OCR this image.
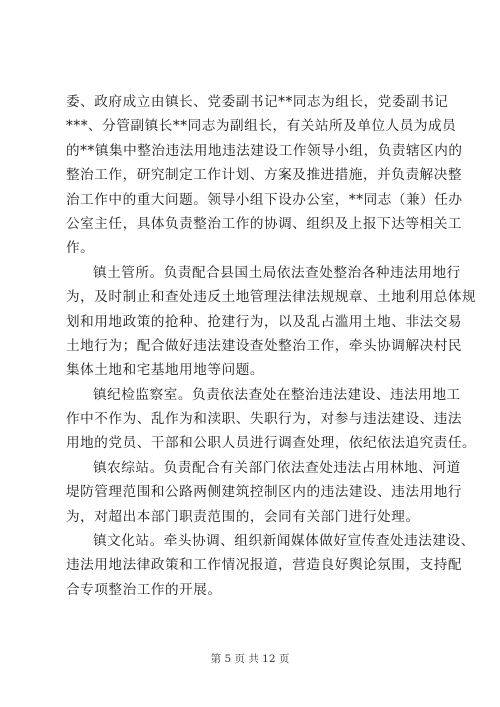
委、政府成立由镇长、党委副书记**同志为组长，党委副书记
***、分管副镇长**同志为副组长，有关站所及单位人员为成员
的**镇集中整治违法用地违法建设工作领导小组，负责辖区内的
整治工作，研究制定工作计划、方案及推进措施，并负责解决整
治工作中的重大问题。领导小组下设办公室，**同志（兼）任办
公室主任，具体负责整治工作的协调、组织及上报下达等相关工
作。
镇土管所。负责配合县国土局依法查处整治各种违法用地行
为，及时制止和查处违反土地管理法律法规规章、土地利用总体规
划和用地政策的抢种、抢建行为，以及乱占滥用土地、非法交易
土地行为；配合做好违法建设查处整治工作，牵头协调解决村民
集体土地和宅基地用地等问题。
镇纪检监察室。负责依法查处在整治违法建设、违法用地工
作中不作为、乱作为和渎职、失职行为，对参与违法建设、违法
用地的党员、干部和公职人员进行调查处理，依纪依法追究责任。
镇农综站。负责配合有关部门依法查处违法占用林地、河道
堤防管理范围和公路两侧建筑控制区内的违法建设、违法用地行
为，对超出本部门职责范围的，会同有关部门进行处理。
镇文化站。牵头协调、组织新闻媒体做好宣传查处违法建设、
违法用地法律政策和工作情况报道，营造良好舆论氛围，支持配
合专项整治工作的开展。
第 5 页 共 12 页
